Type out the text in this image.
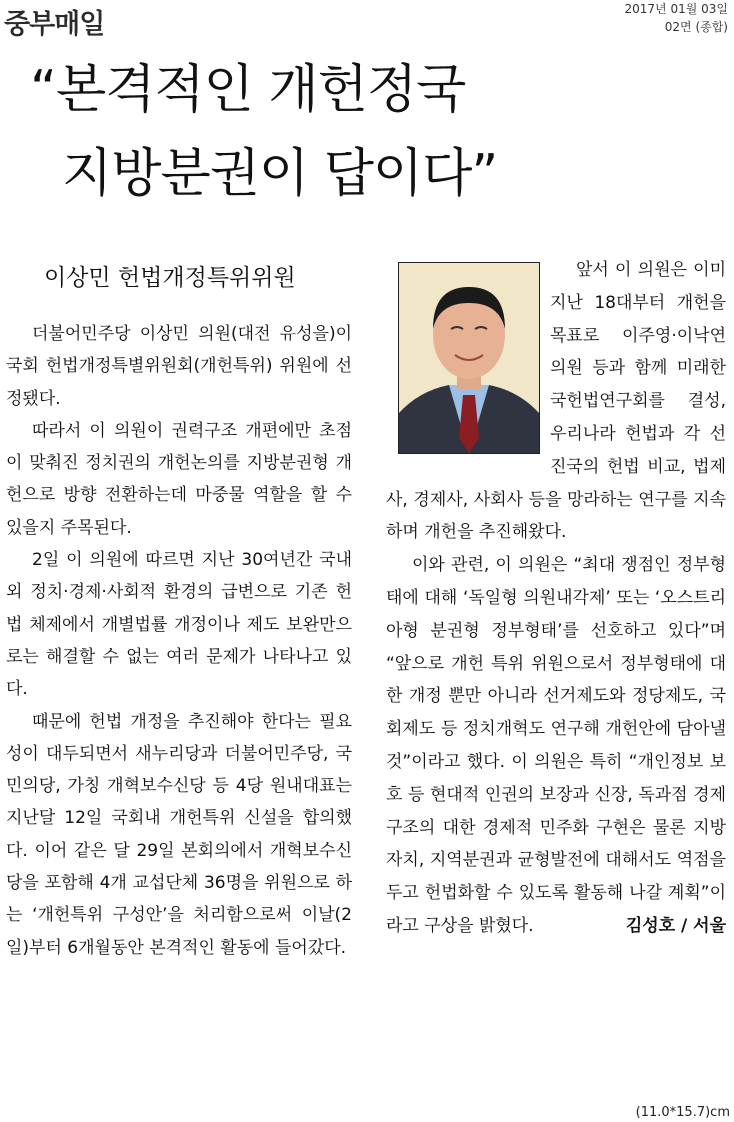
중부매일	2017년 01월 03일
02면 (종합)
“본격적인 개헌정국
지방분권이 답이다”
이상민 헌법개정특위위원

더불어민주당 이상민 의원(대전 유성을)이 국회 헌법개정특별위원회(개헌특위) 위원에 선정됐다.

따라서 이 의원이 권력구조 개편에만 초점이 맞춰진 정치권의 개헌논의를 지방분권형 개헌으로 방향 전환하는데 마중물 역할을 할 수 있을지 주목된다.

2일 이 의원에 따르면 지난 30여년간 국내외 정치·경제·사회적 환경의 급변으로 기존 헌법 체제에서 개별법률 개정이나 제도 보완만으로는 해결할 수 없는 여러 문제가 나타나고 있다.

때문에 헌법 개정을 추진해야 한다는 필요성이 대두되면서 새누리당과 더불어민주당, 국민의당, 가칭 개혁보수신당 등 4당 원내대표는 지난달 12일 국회내 개헌특위 신설을 합의했다. 이어 같은 달 29일 본회의에서 개혁보수신당을 포함해 4개 교섭단체 36명을 위원으로 하는 ‘개헌특위 구성안’을 처리함으로써 이날(2일)부터 6개월동안 본격적인 활동에 들어갔다.

앞서 이 의원은 이미 지난 18대부터 개헌을 목표로 이주영·이낙연 의원 등과 함께 미래한국헌법연구회를 결성, 우리나라 헌법과 각 선진국의 헌법 비교, 법제사, 경제사, 사회사 등을 망라하는 연구를 지속하며 개헌을 추진해왔다.

이와 관련, 이 의원은 “최대 쟁점인 정부형태에 대해 ‘독일형 의원내각제’ 또는 ‘오스트리아형 분권형 정부형태’를 선호하고 있다”며 “앞으로 개헌 특위 위원으로서 정부형태에 대한 개정 뿐만 아니라 선거제도와 정당제도, 국회제도 등 정치개혁도 연구해 개헌안에 담아낼 것”이라고 했다. 이 의원은 특히 “개인정보 보호 등 현대적 인권의 보장과 신장, 독과점 경제구조의 대한 경제적 민주화 구현은 물론 지방자치, 지역분권과 균형발전에 대해서도 역점을 두고 헌법화할 수 있도록 활동해 나갈 계획”이라고 구상을 밝혔다.	김성호 / 서울

(11.0*15.7)cm
